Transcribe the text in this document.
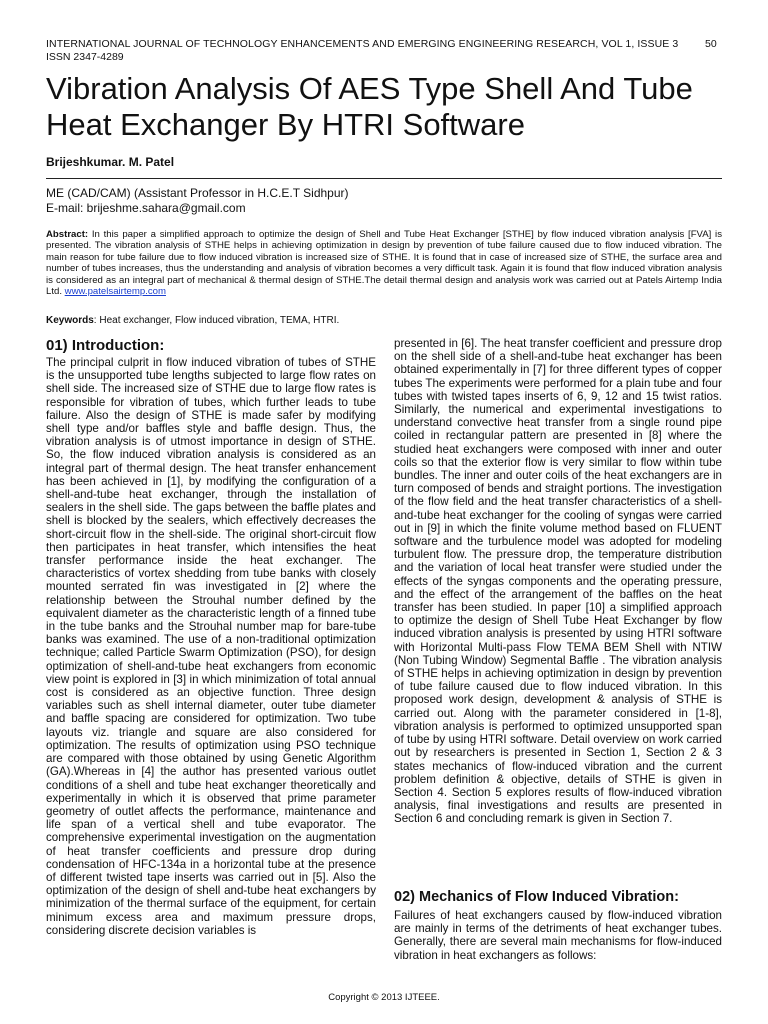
INTERNATIONAL JOURNAL OF TECHNOLOGY ENHANCEMENTS AND EMERGING ENGINEERING RESEARCH, VOL 1, ISSUE 3	50
ISSN 2347-4289
Vibration Analysis Of AES Type Shell And Tube Heat Exchanger By HTRI Software
Brijeshkumar. M. Patel
ME (CAD/CAM) (Assistant Professor in H.C.E.T Sidhpur)
E-mail: brijeshme.sahara@gmail.com
Abstract: In this paper a simplified approach to optimize the design of Shell and Tube Heat Exchanger [STHE] by flow induced vibration analysis [FVA] is presented. The vibration analysis of STHE helps in achieving optimization in design by prevention of tube failure caused due to flow induced vibration. The main reason for tube failure due to flow induced vibration is increased size of STHE. It is found that in case of increased size of STHE, the surface area and number of tubes increases, thus the understanding and analysis of vibration becomes a very difficult task. Again it is found that flow induced vibration analysis is considered as an integral part of mechanical & thermal design of STHE.The detail thermal design and analysis work was carried out at Patels Airtemp India Ltd. www.patelsairtemp.com
Keywords: Heat exchanger, Flow induced vibration, TEMA, HTRI.
01) Introduction:

The principal culprit in flow induced vibration of tubes of STHE is the unsupported tube lengths subjected to large flow rates on shell side. The increased size of STHE due to large flow rates is responsible for vibration of tubes, which further leads to tube failure. Also the design of STHE is made safer by modifying shell type and/or baffles style and baffle design. Thus, the vibration analysis is of utmost importance in design of STHE. So, the flow induced vibration analysis is considered as an integral part of thermal design. The heat transfer enhancement has been achieved in [1], by modifying the configuration of a shell-and-tube heat exchanger, through the installation of sealers in the shell side. The gaps between the baffle plates and shell is blocked by the sealers, which effectively decreases the short-circuit flow in the shell-side. The original short-circuit flow then participates in heat transfer, which intensifies the heat transfer performance inside the heat exchanger. The characteristics of vortex shedding from tube banks with closely mounted serrated fin was investigated in [2] where the relationship between the Strouhal number defined by the equivalent diameter as the characteristic length of a finned tube in the tube banks and the Strouhal number map for bare-tube banks was examined. The use of a non-traditional optimization technique; called Particle Swarm Optimization (PSO), for design optimization of shell-and-tube heat exchangers from economic view point is explored in [3] in which minimization of total annual cost is considered as an objective function. Three design variables such as shell internal diameter, outer tube diameter and baffle spacing are considered for optimization. Two tube layouts viz. triangle and square are also considered for optimization. The results of optimization using PSO technique are compared with those obtained by using Genetic Algorithm (GA).Whereas in [4] the author has presented various outlet conditions of a shell and tube heat exchanger theoretically and experimentally in which it is observed that prime parameter geometry of outlet affects the performance, maintenance and life span of a vertical shell and tube evaporator. The comprehensive experimental investigation on the augmentation of heat transfer coefficients and pressure drop during condensation of HFC-134a in a horizontal tube at the presence of different twisted tape inserts was carried out in [5]. Also the optimization of the design of shell and-tube heat exchangers by minimization of the thermal surface of the equipment, for certain minimum excess area and maximum pressure drops, considering discrete decision variables is

presented in [6]. The heat transfer coefficient and pressure drop on the shell side of a shell-and-tube heat exchanger has been obtained experimentally in [7] for three different types of copper tubes The experiments were performed for a plain tube and four tubes with twisted tapes inserts of 6, 9, 12 and 15 twist ratios. Similarly, the numerical and experimental investigations to understand convective heat transfer from a single round pipe coiled in rectangular pattern are presented in [8] where the studied heat exchangers were composed with inner and outer coils so that the exterior flow is very similar to flow within tube bundles. The inner and outer coils of the heat exchangers are in turn composed of bends and straight portions. The investigation of the flow field and the heat transfer characteristics of a shell-and-tube heat exchanger for the cooling of syngas were carried out in [9] in which the finite volume method based on FLUENT software and the turbulence model was adopted for modeling turbulent flow. The pressure drop, the temperature distribution and the variation of local heat transfer were studied under the effects of the syngas components and the operating pressure, and the effect of the arrangement of the baffles on the heat transfer has been studied. In paper [10] a simplified approach to optimize the design of Shell Tube Heat Exchanger by flow induced vibration analysis is presented by using HTRI software with Horizontal Multi-pass Flow TEMA BEM Shell with NTIW (Non Tubing Window) Segmental Baffle . The vibration analysis of STHE helps in achieving optimization in design by prevention of tube failure caused due to flow induced vibration. In this proposed work design, development & analysis of STHE is carried out. Along with the parameter considered in [1-8], vibration analysis is performed to optimized unsupported span of tube by using HTRI software. Detail overview on work carried out by researchers is presented in Section 1, Section 2 & 3 states mechanics of flow-induced vibration and the current problem definition & objective, details of STHE is given in Section 4. Section 5 explores results of flow-induced vibration analysis, final investigations and results are presented in Section 6 and concluding remark is given in Section 7.

02) Mechanics of Flow Induced Vibration:
Failures of heat exchangers caused by flow-induced vibration are mainly in terms of the detriments of heat exchanger tubes. Generally, there are several main mechanisms for flow-induced vibration in heat exchangers as follows:
Copyright © 2013 IJTEEE.
